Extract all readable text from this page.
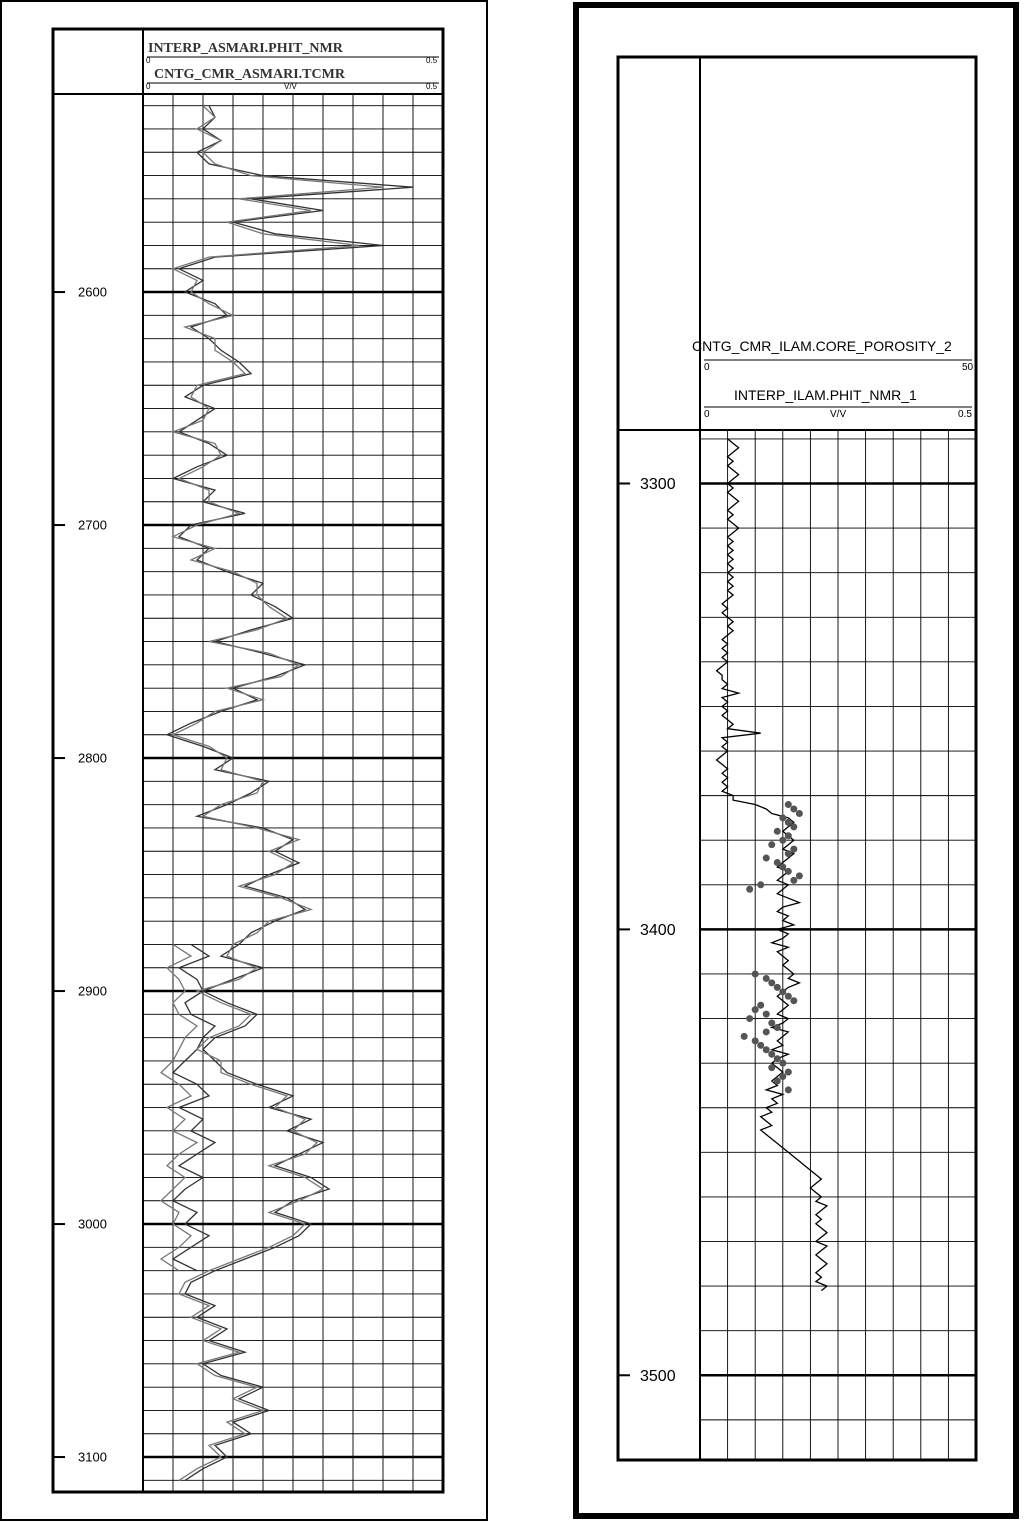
2600
2700
2800
2900
3000
3100
3300
3400
3500
INTERP_ASMARI.PHIT_NMR
0	0.5
CNTG_CMR_ASMARI.TCMR
0	V/V	0.5
CNTG_CMR_ILAM.CORE_POROSITY_2
0	50
INTERP_ILAM.PHIT_NMR_1
0	V/V	0.5
